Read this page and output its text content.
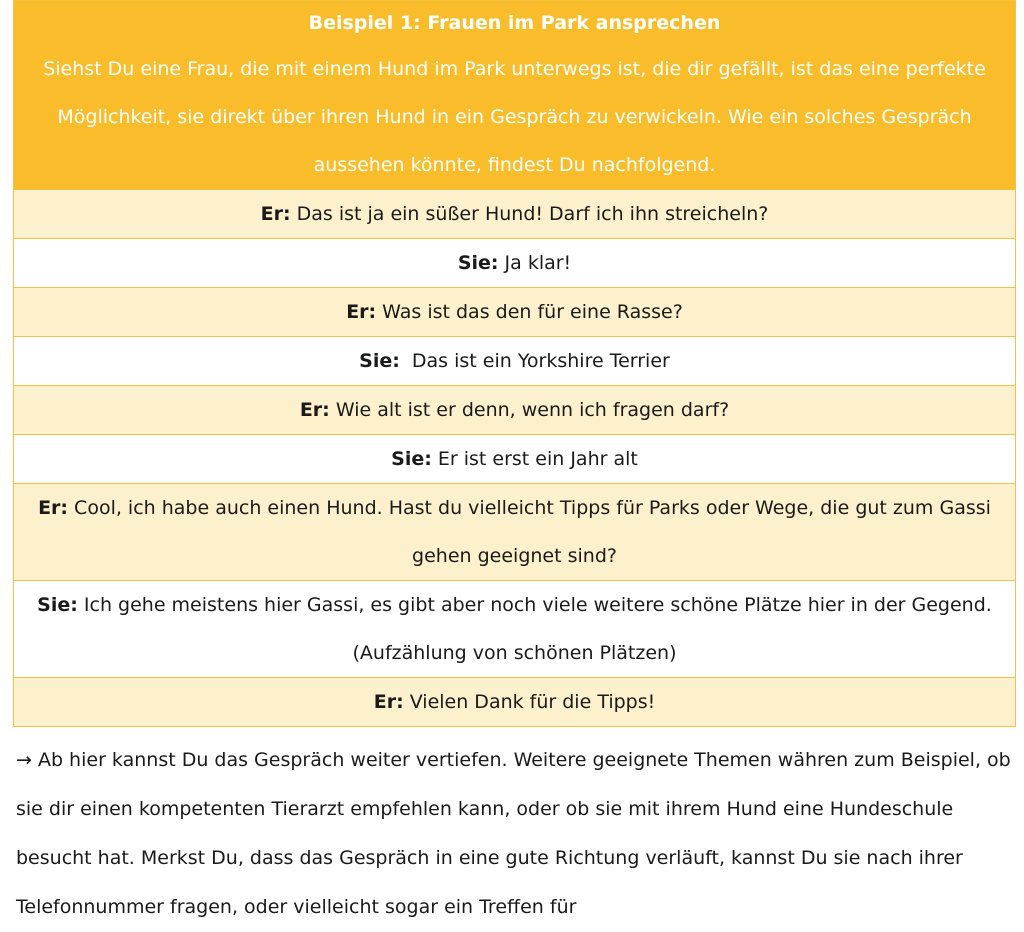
Beispiel 1: Frauen im Park ansprechen
Siehst Du eine Frau, die mit einem Hund im Park unterwegs ist, die dir gefällt, ist das eine perfekte Möglichkeit, sie direkt über ihren Hund in ein Gespräch zu verwickeln. Wie ein solches Gespräch aussehen könnte, findest Du nachfolgend.

Er: Das ist ja ein süßer Hund! Darf ich ihn streicheln?
Sie: Ja klar!
Er: Was ist das den für eine Rasse?
Sie:  Das ist ein Yorkshire Terrier
Er: Wie alt ist er denn, wenn ich fragen darf?
Sie: Er ist erst ein Jahr alt
Er: Cool, ich habe auch einen Hund. Hast du vielleicht Tipps für Parks oder Wege, die gut zum Gassi gehen geeignet sind?
Sie: Ich gehe meistens hier Gassi, es gibt aber noch viele weitere schöne Plätze hier in der Gegend. (Aufzählung von schönen Plätzen)
Er: Vielen Dank für die Tipps!

→ Ab hier kannst Du das Gespräch weiter vertiefen. Weitere geeignete Themen währen zum Beispiel, ob sie dir einen kompetenten Tierarzt empfehlen kann, oder ob sie mit ihrem Hund eine Hundeschule besucht hat. Merkst Du, dass das Gespräch in eine gute Richtung verläuft, kannst Du sie nach ihrer Telefonnummer fragen, oder vielleicht sogar ein Treffen für
